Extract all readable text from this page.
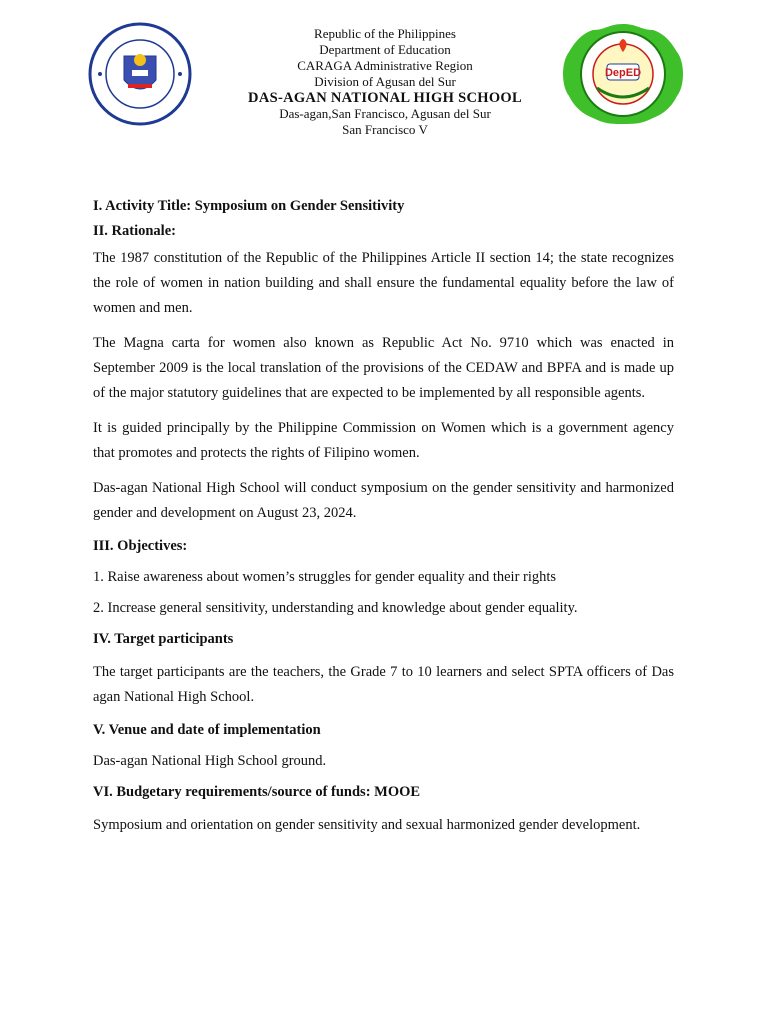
Republic of the Philippines
Department of Education
CARAGA Administrative Region
Division of Agusan del Sur
DAS-AGAN NATIONAL HIGH SCHOOL
Das-agan,San Francisco, Agusan del Sur
San Francisco V
DepED

I. Activity Title: Symposium on Gender Sensitivity

II. Rationale:

The 1987 constitution of the Republic of the Philippines Article II section 14; the state recognizes the role of women in nation building and shall ensure the fundamental equality before the law of women and men.

The Magna carta for women also known as Republic Act No. 9710 which was enacted in September 2009 is the local translation of the provisions of the CEDAW and BPFA and is made up of the major statutory guidelines that are expected to be implemented by all responsible agents.

It is guided principally by the Philippine Commission on Women which is a government agency that promotes and protects the rights of Filipino women.

Das-agan National High School will conduct symposium on the gender sensitivity and harmonized gender and development on August 23, 2024.

III. Objectives:

1. Raise awareness about women’s struggles for gender equality and their rights

2. Increase general sensitivity, understanding and knowledge about gender equality.

IV. Target participants

The target participants are the teachers, the Grade 7 to 10 learners and select SPTA officers of Das agan National High School.

V. Venue and date of implementation

Das-agan National High School ground.

VI. Budgetary requirements/source of funds: MOOE

Symposium and orientation on gender sensitivity and sexual harmonized gender development.
